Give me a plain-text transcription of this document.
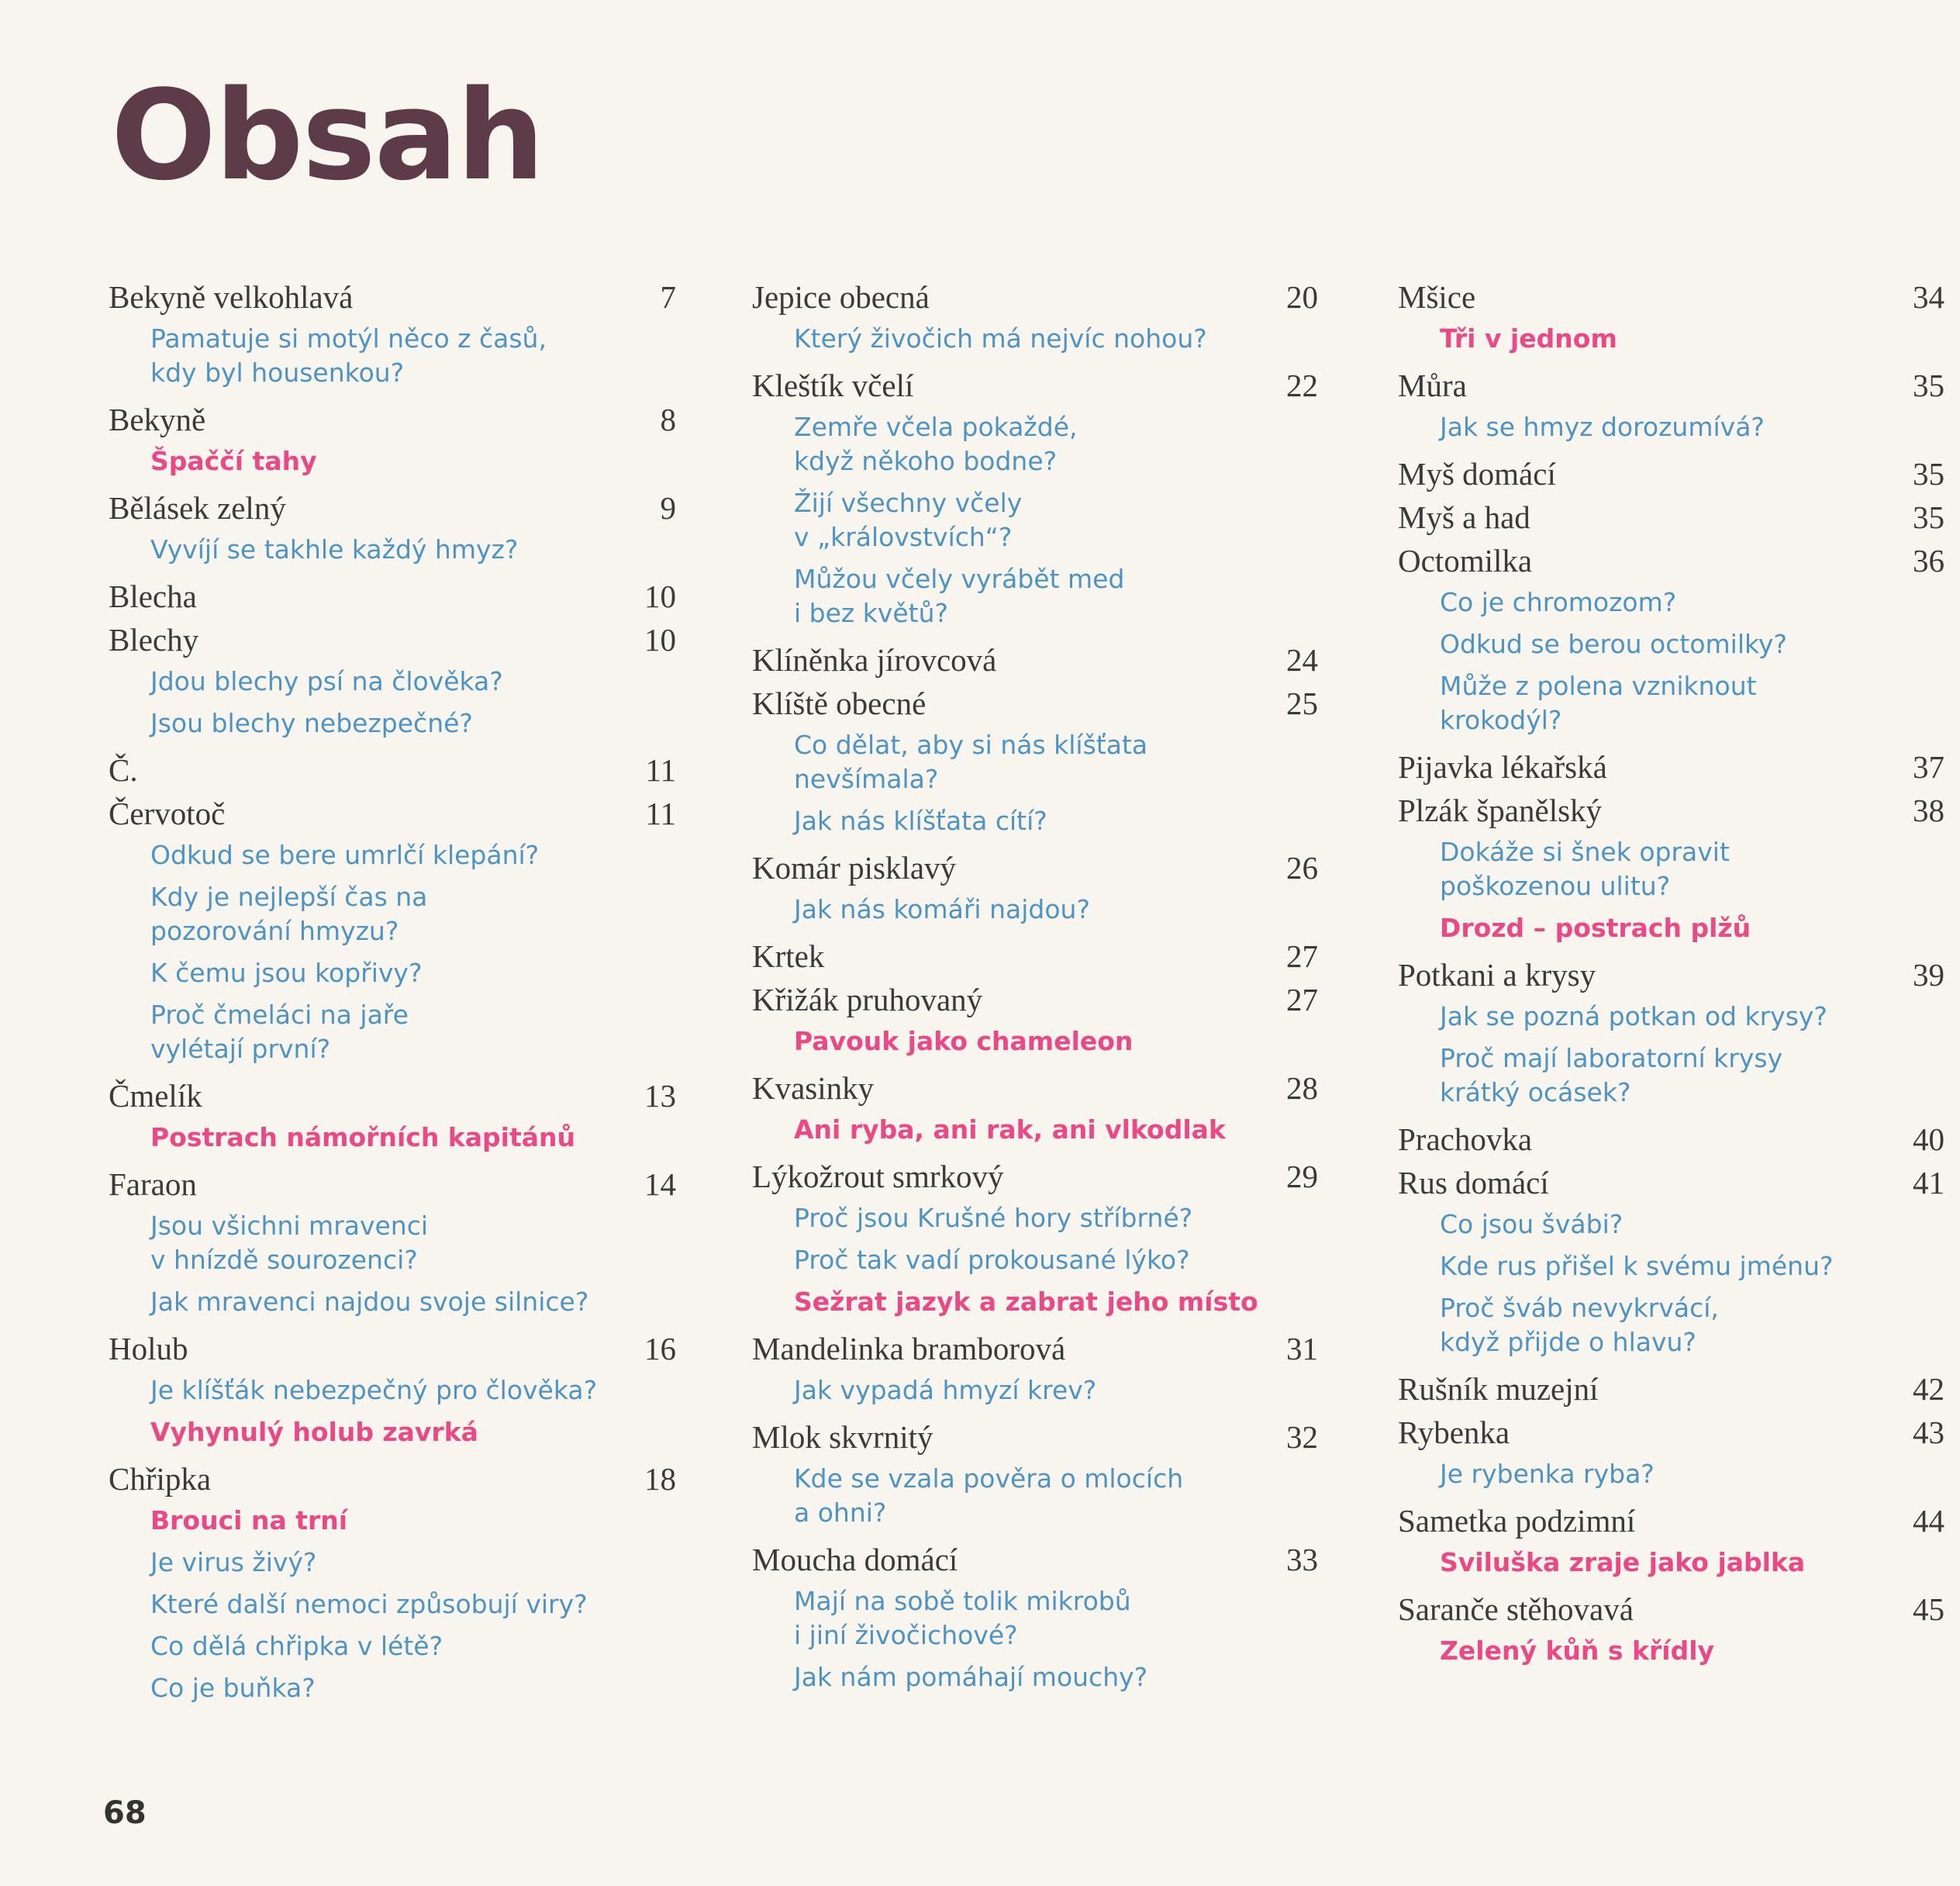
Obsah
Bekyně velkohlavá	7
Pamatuje si motýl něco z časů,
kdy byl housenkou?
Bekyně	8
Špaččí tahy
Bělásek zelný	9
Vyvíjí se takhle každý hmyz?
Blecha	10
Blechy	10
Jdou blechy psí na člověka?
Jsou blechy nebezpečné?
Č.	11
Červotoč	11
Odkud se bere umrlčí klepání?
Kdy je nejlepší čas na
pozorování hmyzu?
K čemu jsou kopřivy?
Proč čmeláci na jaře
vylétají první?
Čmelík	13
Postrach námořních kapitánů
Faraon	14
Jsou všichni mravenci
v hnízdě sourozenci?
Jak mravenci najdou svoje silnice?
Holub	16
Je klíšťák nebezpečný pro člověka?
Vyhynulý holub zavrká
Chřipka	18
Brouci na trní
Je virus živý?
Které další nemoci způsobují viry?
Co dělá chřipka v létě?
Co je buňka?
Jepice obecná	20
Který živočich má nejvíc nohou?
Kleštík včelí	22
Zemře včela pokaždé,
když někoho bodne?
Žijí všechny včely
v „královstvích“?
Můžou včely vyrábět med
i bez květů?
Klíněnka jírovcová	24
Klíště obecné	25
Co dělat, aby si nás klíšťata
nevšímala?
Jak nás klíšťata cítí?
Komár pisklavý	26
Jak nás komáři najdou?
Krtek	27
Křižák pruhovaný	27
Pavouk jako chameleon
Kvasinky	28
Ani ryba, ani rak, ani vlkodlak
Lýkožrout smrkový	29
Proč jsou Krušné hory stříbrné?
Proč tak vadí prokousané lýko?
Sežrat jazyk a zabrat jeho místo
Mandelinka bramborová	31
Jak vypadá hmyzí krev?
Mlok skvrnitý	32
Kde se vzala pověra o mlocích
a ohni?
Moucha domácí	33
Mají na sobě tolik mikrobů
i jiní živočichové?
Jak nám pomáhají mouchy?
Mšice	34
Tři v jednom
Můra	35
Jak se hmyz dorozumívá?
Myš domácí	35
Myš a had	35
Octomilka	36
Co je chromozom?
Odkud se berou octomilky?
Může z polena vzniknout
krokodýl?
Pijavka lékařská	37
Plzák španělský	38
Dokáže si šnek opravit
poškozenou ulitu?
Drozd – postrach plžů
Potkani a krysy	39
Jak se pozná potkan od krysy?
Proč mají laboratorní krysy
krátký ocásek?
Prachovka	40
Rus domácí	41
Co jsou švábi?
Kde rus přišel k svému jménu?
Proč šváb nevykrvácí,
když přijde o hlavu?
Rušník muzejní	42
Rybenka	43
Je rybenka ryba?
Sametka podzimní	44
Sviluška zraje jako jablka
Saranče stěhovavá	45
Zelený kůň s křídly
68
